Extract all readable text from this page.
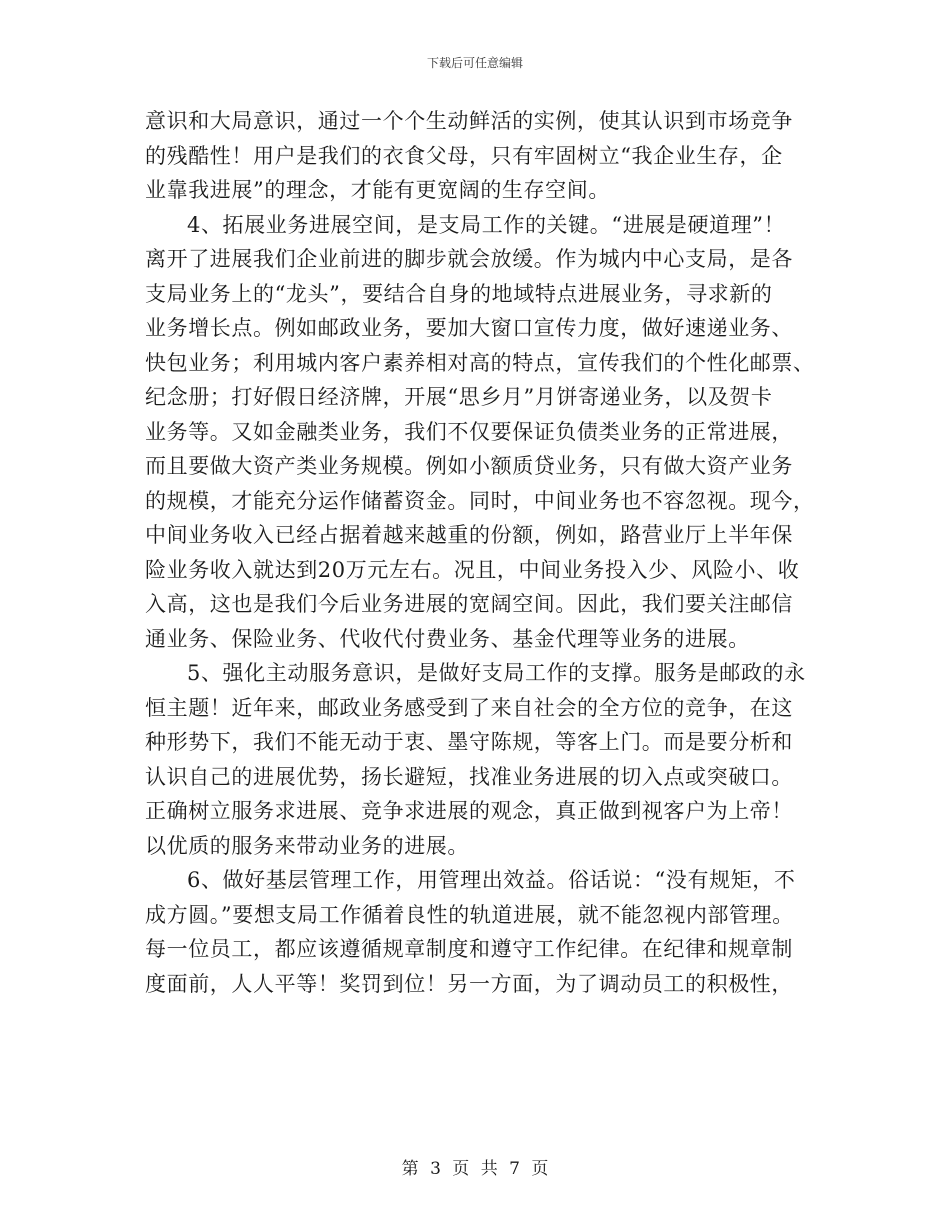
下载后可任意编辑
意识和大局意识，通过一个个生动鲜活的实例，使其认识到市场竞争
的残酷性！用户是我们的衣食父母，只有牢固树立“我企业生存，企
业靠我进展”的理念，才能有更宽阔的生存空间。
4、拓展业务进展空间，是支局工作的关键。“进展是硬道理”！
离开了进展我们企业前进的脚步就会放缓。作为城内中心支局，是各
支局业务上的“龙头”，要结合自身的地域特点进展业务，寻求新的
业务增长点。例如邮政业务，要加大窗口宣传力度，做好速递业务、
快包业务；利用城内客户素养相对高的特点，宣传我们的个性化邮票、
纪念册；打好假日经济牌，开展“思乡月”月饼寄递业务，以及贺卡
业务等。又如金融类业务，我们不仅要保证负债类业务的正常进展，
而且要做大资产类业务规模。例如小额质贷业务，只有做大资产业务
的规模，才能充分运作储蓄资金。同时，中间业务也不容忽视。现今，
中间业务收入已经占据着越来越重的份额，例如，路营业厅上半年保
险业务收入就达到20万元左右。况且，中间业务投入少、风险小、收
入高，这也是我们今后业务进展的宽阔空间。因此，我们要关注邮信
通业务、保险业务、代收代付费业务、基金代理等业务的进展。
5、强化主动服务意识，是做好支局工作的支撑。服务是邮政的永
恒主题！近年来，邮政业务感受到了来自社会的全方位的竞争，在这
种形势下，我们不能无动于衷、墨守陈规，等客上门。而是要分析和
认识自己的进展优势，扬长避短，找准业务进展的切入点或突破口。
正确树立服务求进展、竞争求进展的观念，真正做到视客户为上帝！
以优质的服务来带动业务的进展。
6、做好基层管理工作，用管理出效益。俗话说：“没有规矩，不
成方圆。”要想支局工作循着良性的轨道进展，就不能忽视内部管理。
每一位员工，都应该遵循规章制度和遵守工作纪律。在纪律和规章制
度面前，人人平等！奖罚到位！另一方面，为了调动员工的积极性，
第 3 页 共 7 页
